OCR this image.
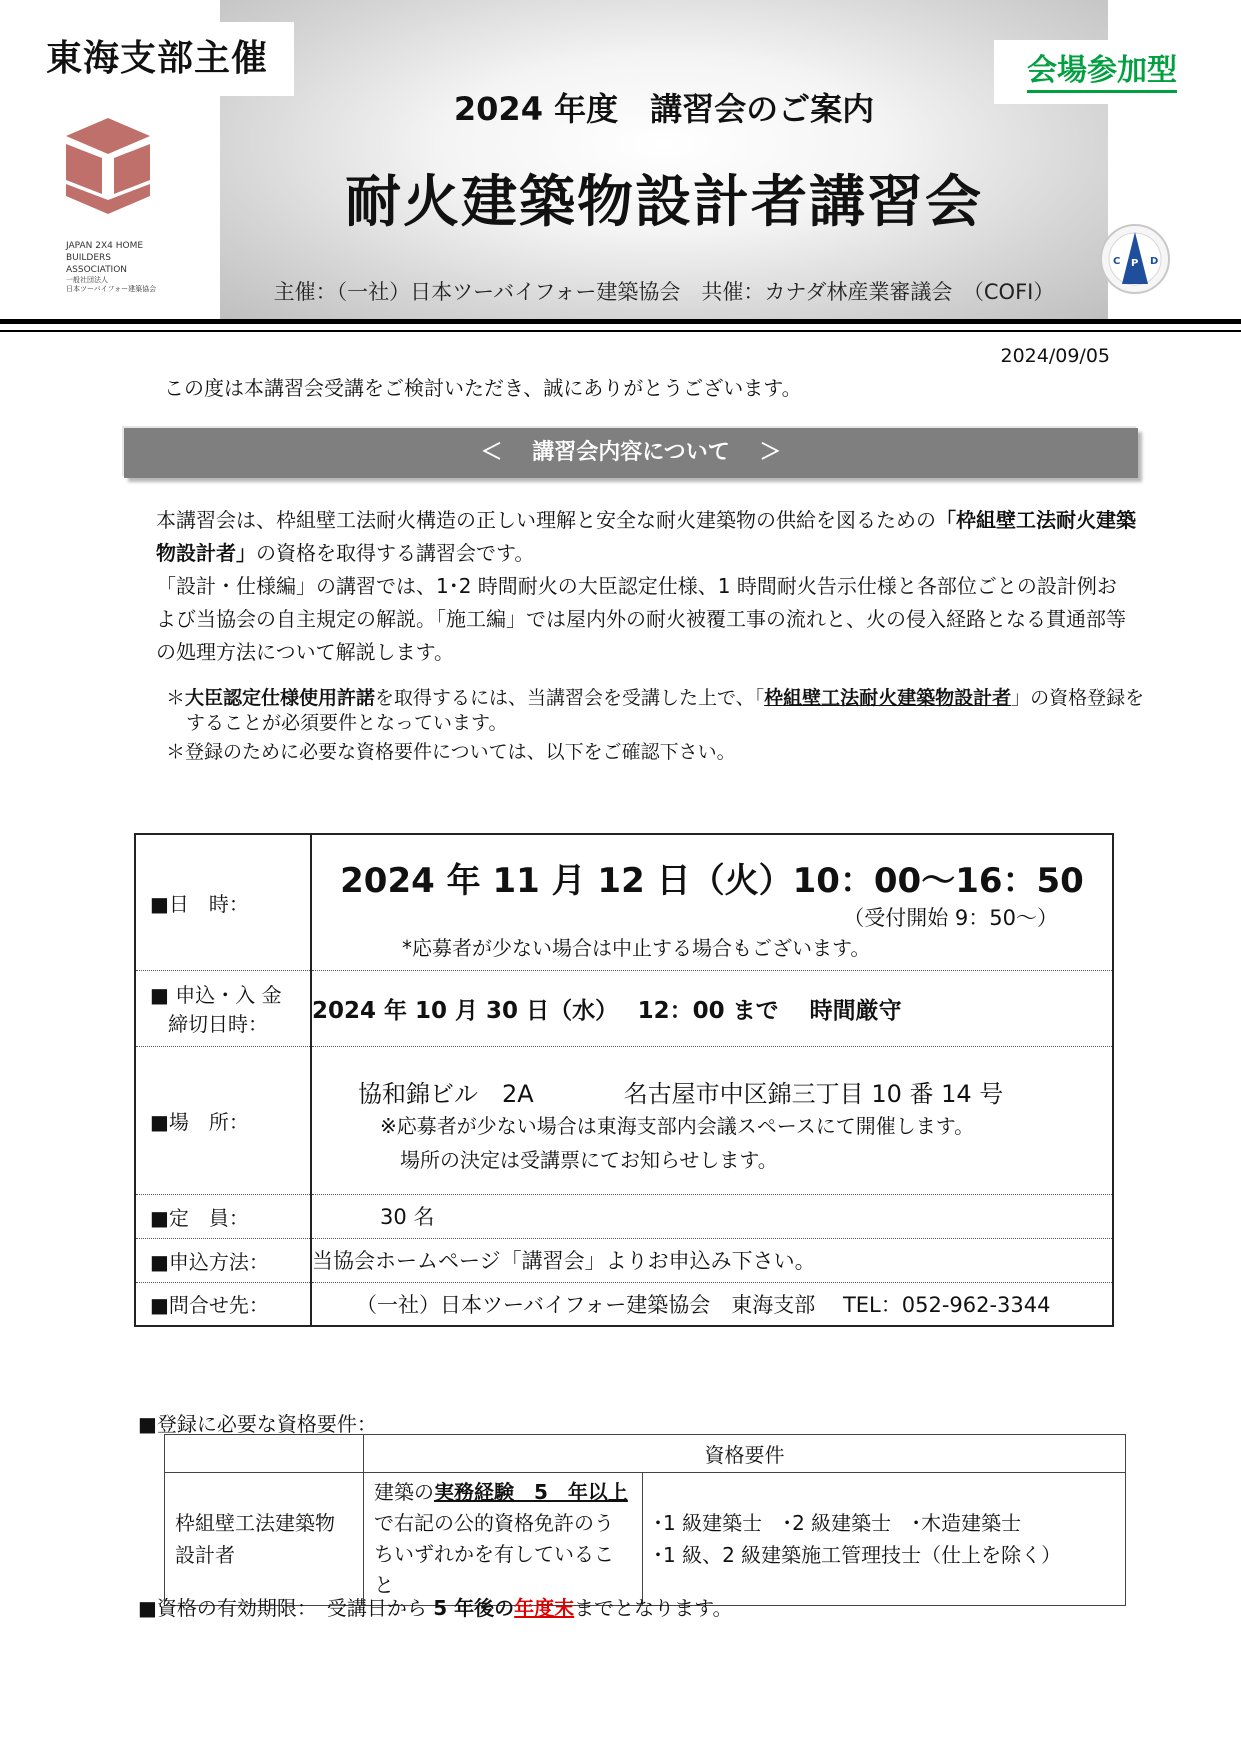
東海支部主催	会場参加型
JAPAN 2X4 HOME
BUILDERS
ASSOCIATION
一般社団法人
日本ツーバイフォー建築協会
C P D
2024 年度　講習会のご案内
耐火建築物設計者講習会
主催：（一社）日本ツーバイフォー建築協会　共催：カナダ林産業審議会　（COFI）
2024/09/05
この度は本講習会受講をご検討いただき、誠にありがとうございます。
＜　 講習会内容について　 ＞

本講習会は、枠組壁工法耐火構造の正しい理解と安全な耐火建築物の供給を図るための「枠組壁工法耐火建築物設計者」の資格を取得する講習会です。

「設計・仕様編」の講習では、1･2 時間耐火の大臣認定仕様、1 時間耐火告示仕様と各部位ごとの設計例および当協会の自主規定の解説。「施工編」では屋内外の耐火被覆工事の流れと、火の侵入経路となる貫通部等の処理方法について解説します。

＊大臣認定仕様使用許諾を取得するには、当講習会を受講した上で、「枠組壁工法耐火建築物設計者」の資格登録をすることが必須要件となっています。

＊登録のために必要な資格要件については、以下をご確認下さい。

■日　時：	2024 年 11 月 12 日（火）10：00～16：50
（受付開始 9：50～）
*応募者が少ない場合は中止する場合もございます。

■ 申込・入 金
締切日時：	2024 年 10 月 30 日（水）　 12：00 まで　 時間厳守
■場　所：	協和錦ビル　2A 名古屋市中区錦三丁目 10 番 14 号
※応募者が少ない場合は東海支部内会議スペースにて開催します。
場所の決定は受講票にてお知らせします。

■定　員：	30 名
■申込方法：	当協会ホームページ「講習会」よりお申込み下さい。
■問合せ先：	（一社）日本ツーバイフォー建築協会　東海支部　 TEL：052-962-3344
■登録に必要な資格要件：
	資格要件	
枠組壁工法建築物設計者	建築の実務経験　5　年以上で右記の公的資格免許のうちいずれかを有していること	･1 級建築士　･2 級建築士　･木造建築士
･1 級、2 級建築施工管理技士（仕上を除く）
■資格の有効期限：　受講日から 5 年後の年度末までとなります。
